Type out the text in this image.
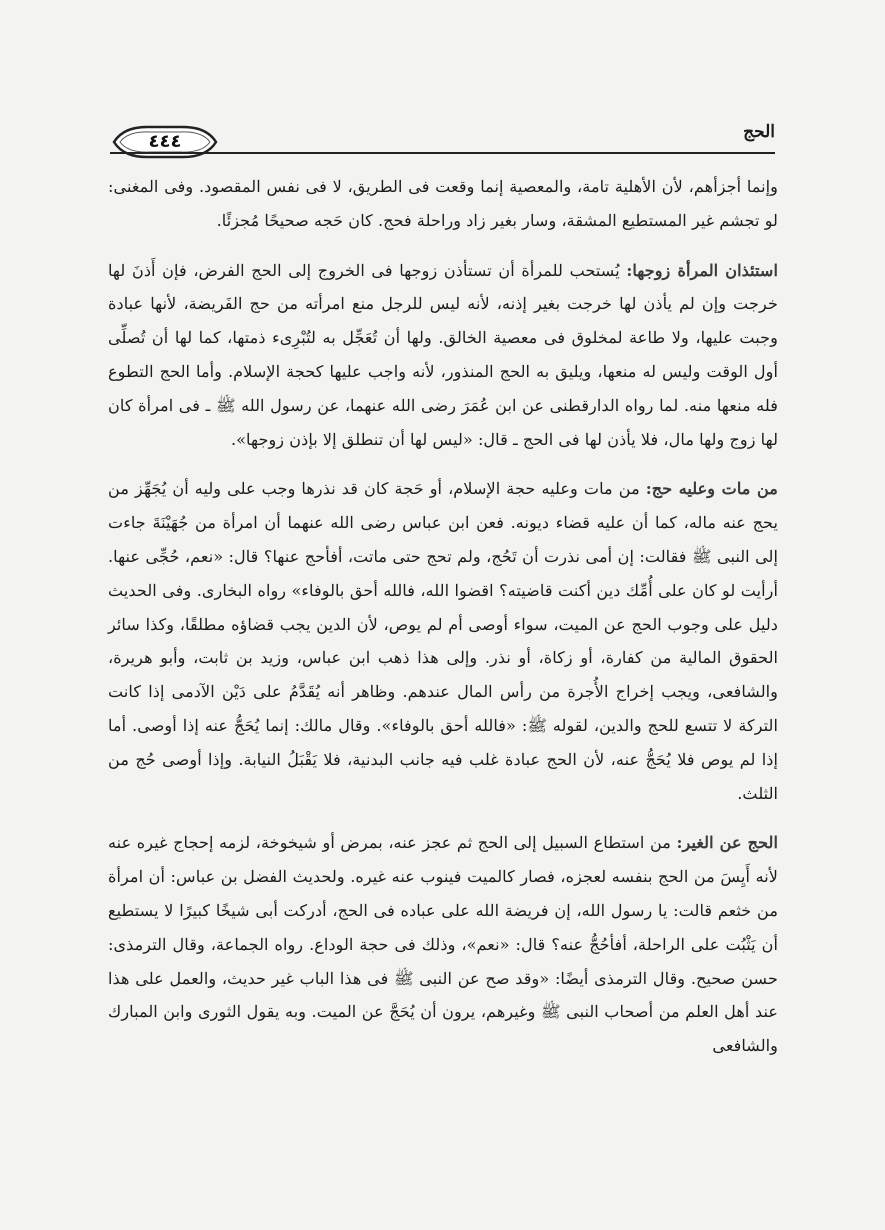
٤٤٤	الحج

وإنما أجزأهم، لأن الأهلية تامة، والمعصية إنما وقعت فى الطريق، لا فى نفس المقصود. وفى المغنى: لو تجشم غير المستطيع المشقة، وسار بغير زاد وراحلة فحج. كان حَجه صحيحًا مُجزئًا.

استئذان المرأة زوجها: يُستحب للمرأة أن تستأذن زوجها فى الخروج إلى الحج الفرض، فإن أَذنَ لها خرجت وإن لم يأذن لها خرجت بغير إذنه، لأنه ليس للرجل منع امرأته من حج الفَريضة، لأنها عبادة وجبت عليها، ولا طاعة لمخلوق فى معصية الخالق. ولها أن تُعَجِّل به لتُبْرِىء ذمتها، كما لها أن تُصلِّى أول الوقت وليس له منعها، ويليق به الحج المنذور، لأنه واجب عليها كحجة الإسلام. وأما الحج التطوع فله منعها منه. لما رواه الدارقطنى عن ابن عُمَرَ رضى الله عنهما، عن رسول الله ﷺ ـ فى امرأة كان لها زوج ولها مال، فلا يأذن لها فى الحج ـ قال: «ليس لها أن تنطلق إلا بإذن زوجها».

من مات وعليه حج: من مات وعليه حجة الإسلام، أو حَجة كان قد نذرها وجب على وليه أن يُجَهِّز من يحج عنه ماله، كما أن عليه قضاء ديونه. فعن ابن عباس رضى الله عنهما أن امرأة من جُهَيْنَةَ جاءت إلى النبى ﷺ فقالت: إن أمى نذرت أن تَحُج، ولم تحج حتى ماتت، أفأحج عنها؟ قال: «نعم، حُجِّى عنها. أرأيت لو كان على أُمِّك دين أكنت قاضيته؟ اقضوا الله، فالله أحق بالوفاء» رواه البخارى. وفى الحديث دليل على وجوب الحج عن الميت، سواء أوصى أم لم يوص، لأن الدين يجب قضاؤه مطلقًا، وكذا سائر الحقوق المالية من كفارة، أو زكاة، أو نذر. وإلى هذا ذهب ابن عباس، وزيد بن ثابت، وأبو هريرة، والشافعى، ويجب إخراج الأُجرة من رأس المال عندهم. وظاهر أنه يُقَدَّمُ على دَيْن الآدمى إذا كانت التركة لا تتسع للحج والدين، لقوله ﷺ: «فالله أحق بالوفاء». وقال مالك: إنما يُحَجُّ عنه إذا أوصى. أما إذا لم يوص فلا يُحَجُّ عنه، لأن الحج عبادة غلب فيه جانب البدنية، فلا يَقْبَلُ النيابة. وإذا أوصى حُج من الثلث.

الحج عن الغير: من استطاع السبيل إلى الحج ثم عجز عنه، بمرض أو شيخوخة، لزمه إحجاج غيره عنه لأنه أَيِسَ من الحج بنفسه لعجزه، فصار كالميت فينوب عنه غيره. ولحديث الفضل بن عباس: أن امرأة من خثعم قالت: يا رسول الله، إن فريضة الله على عباده فى الحج، أدركت أبى شيخًا كبيرًا لا يستطيع أن يَثْبُت على الراحلة، أفأحُجُّ عنه؟ قال: «نعم»، وذلك فى حجة الوداع. رواه الجماعة، وقال الترمذى: حسن صحيح. وقال الترمذى أيضًا: «وقد صح عن النبى ﷺ فى هذا الباب غير حديث، والعمل على هذا عند أهل العلم من أصحاب النبى ﷺ وغيرهم، يرون أن يُحَجَّ عن الميت. وبه يقول الثورى وابن المبارك والشافعى
